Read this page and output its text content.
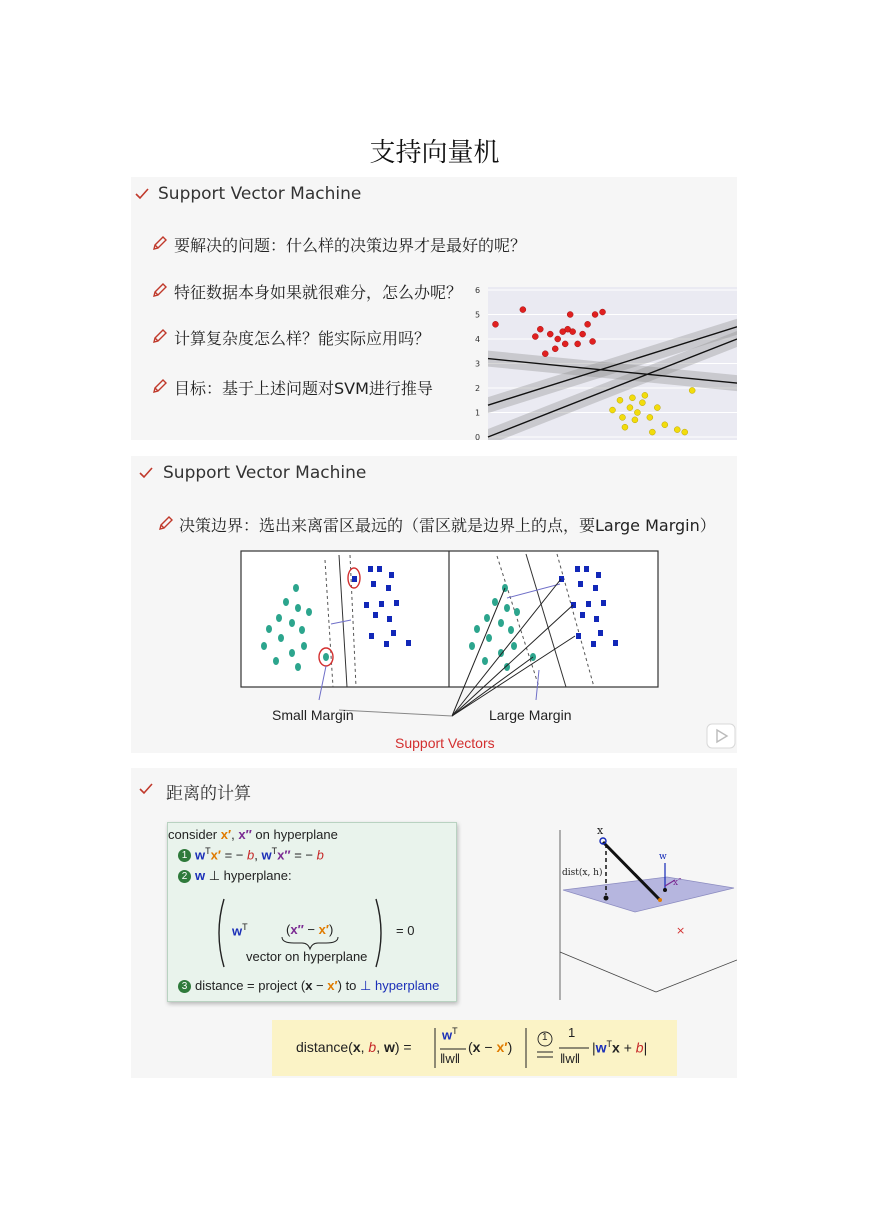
支持向量机
Support Vector Machine
要解决的问题：什么样的决策边界才是最好的呢？
特征数据本身如果就很难分，怎么办呢？
计算复杂度怎么样？能实际应用吗？
目标：基于上述问题对SVM进行推导
6
5
4
3
2
1
0
Support Vector Machine
决策边界：选出来离雷区最远的（雷区就是边界上的点，要Large Margin）
Small Margin	Large Margin
Support Vectors
距离的计算
consider x′, x″ on hyperplane
1 $w^Tx'$ = − b, $w^Tx''$ = − b
2 w ⊥ hyperplane:
$w^T$	(x″ − x′)
vector on hyperplane
= 0
3 distance = project (x − x′) to ⊥ hyperplane
×
x
w
x″
dist(x, h)
distance(x, b, w) =
$w^T$
‖w‖
(x − x′)
1 1
‖w‖
$|w^Tx + b|$
